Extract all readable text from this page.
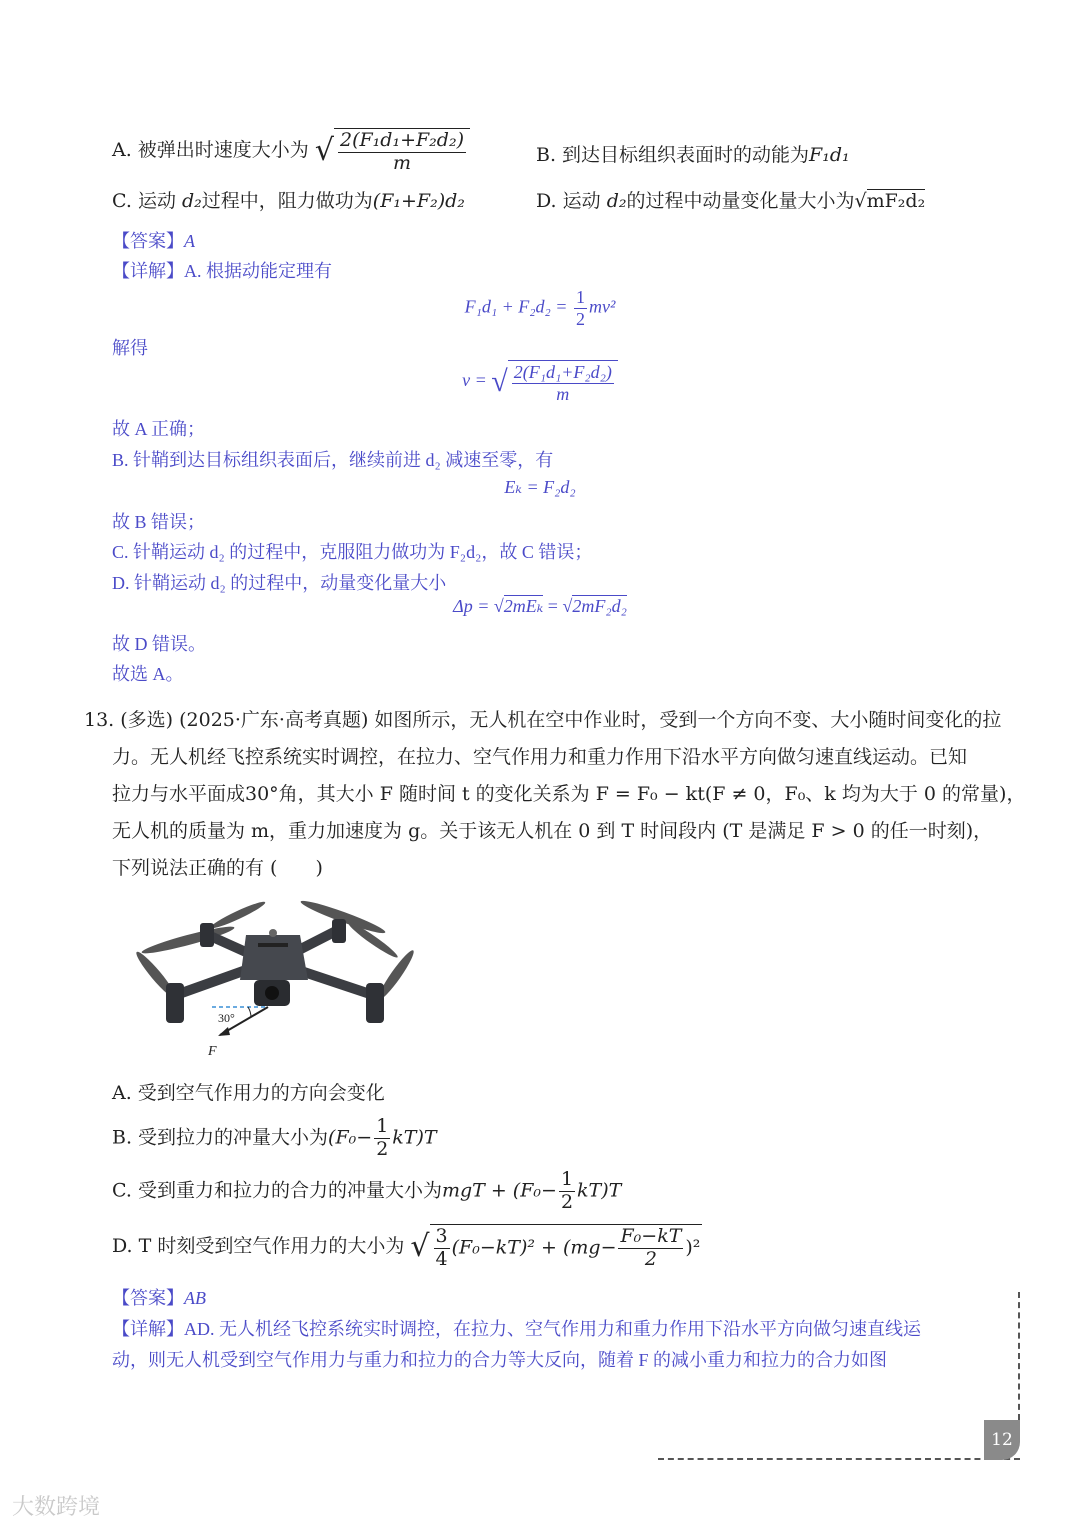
A. 被弹出时速度大小为 √ $\frac{\text{2(F₁d₁+F₂d₂)}}{m}$	B. 到达目标组织表面时的动能为F₁d₁
C. 运动 d₂过程中，阻力做功为(F₁+F₂)d₂	D. 运动 d₂的过程中动量变化量大小为√mF₂d₂
【答案】A
【详解】A. 根据动能定理有
$F_1d_1 + F_2d_2 = \frac{1}{2} mv^2$
解得
v = √ $\frac{\text{2(F₁d₁+F₂d₂)}}{m}$
故 A 正确；
B. 针鞘到达目标组织表面后，继续前进 d₂ 减速至零，有
Eₖ = F₂d₂
故 B 错误；
C. 针鞘运动 d₂ 的过程中，克服阻力做功为 F₂d₂，故 C 错误；
D. 针鞘运动 d₂ 的过程中，动量变化量大小
Δp = √2mEₖ = √2mF₂d₂
故 D 错误。
故选 A。
13. (多选) (2025·广东·高考真题) 如图所示，无人机在空中作业时，受到一个方向不变、大小随时间变化的拉
力。无人机经飞控系统实时调控，在拉力、空气作用力和重力作用下沿水平方向做匀速直线运动。已知
拉力与水平面成30°角，其大小 F 随时间 t 的变化关系为 F = F₀ − kt(F ≠ 0，F₀、k 均为大于 0 的常量)，
无人机的质量为 m，重力加速度为 g。关于该无人机在 0 到 T 时间段内 (T 是满足 F > 0 的任一时刻)，
下列说法正确的有 (　　)
30°
F
A. 受到空气作用力的方向会变化
B. 受到拉力的冲量大小为$(F_0- \frac{1}{2} kT)T$
C. 受到重力和拉力的合力的冲量大小为mgT + $(F_0- \frac{1}{2} kT)T$
D. T 时刻受到空气作用力的大小为 √ $\frac{3}{4} (F_0-kT)^2 + (mg- \frac{\text{F₀−kT}}{2} )^2$
【答案】AB
【详解】AD. 无人机经飞控系统实时调控，在拉力、空气作用力和重力作用下沿水平方向做匀速直线运
动，则无人机受到空气作用力与重力和拉力的合力等大反向，随着 F 的减小重力和拉力的合力如图
12
大数跨境
